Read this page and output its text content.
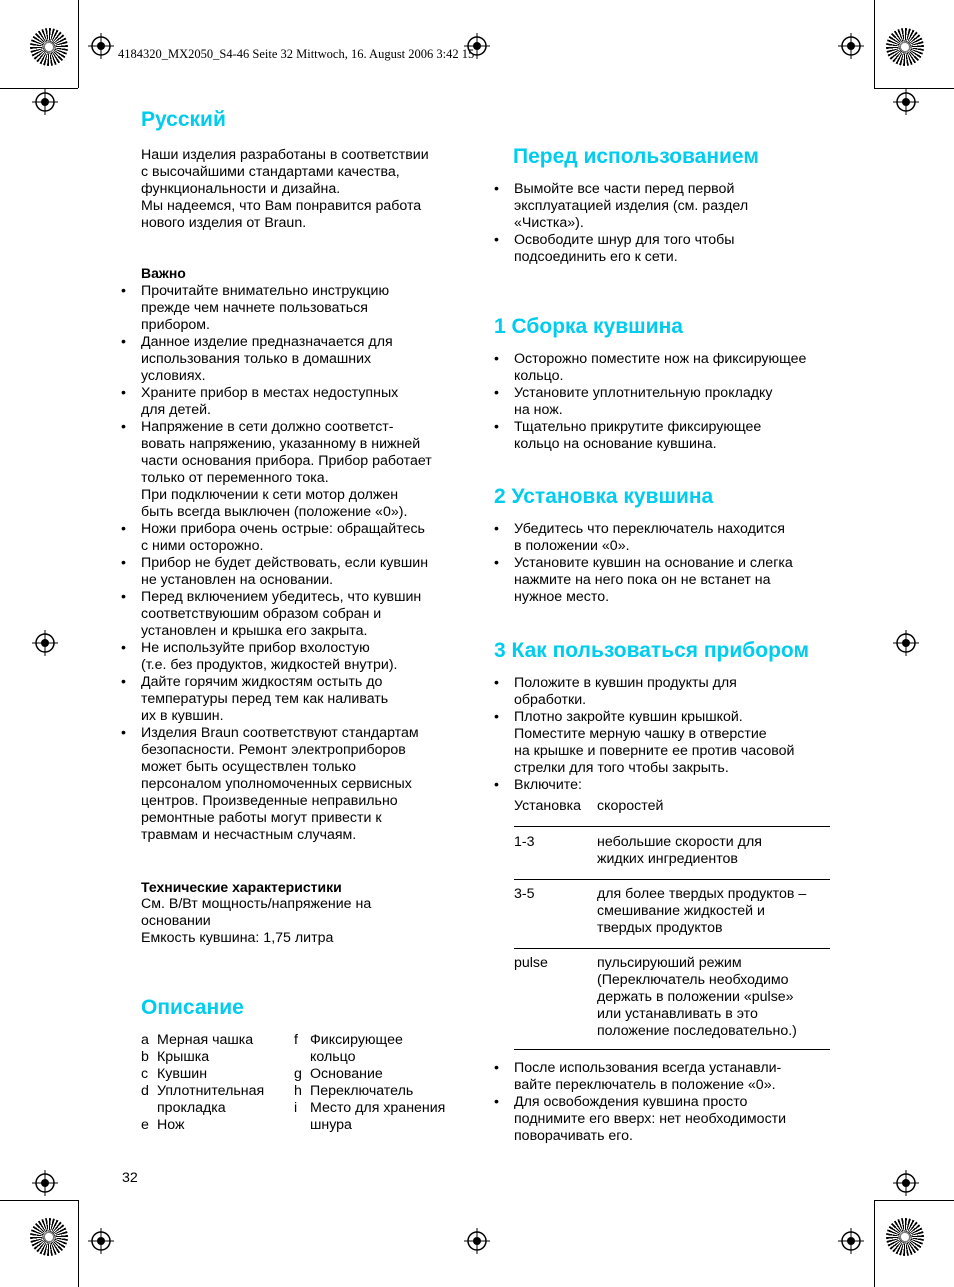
4184320_MX2050_S4-46 Seite 32 Mittwoch, 16. August 2006 3:42 15
Русский

Наши изделия разработаны в соответствии
с высочайшими стандартами качества,
функциональности и дизайна.
Мы надеемся, что Вам понравится работа
нового изделия от Braun.

Важно
• Прочитайте внимательно инструкцию
прежде чем начнете пользоваться
прибором.
• Данное изделие предназначается для
использования только в домашних
условиях.
• Храните прибор в местах недоступных
для детей.
• Напряжение в сети должно соответст-
вовать напряжению, указанному в нижней
части основания прибора. Прибор работает
только от переменного тока.
При подключении к сети мотор должен
быть всегда выключен (положение «0»).
• Ножи прибора очень острые: обращайтесь
с ними осторожно.
• Прибор не будет действовать, если кувшин
не установлен на основании.
• Перед включением убедитесь, что кувшин
соответствуюшим образом собран и
установлен и крышка его закрыта.
• Не используйте прибор вхолостую
(т.е. без продуктов, жидкостей внутри).
• Дайте горячим жидкостям остыть до
температуры перед тем как наливать
их в кувшин.
• Изделия Braun соответствуют стандартам
безопасности. Ремонт электроприборов
может быть осуществлен только
персоналом уполномоченных сервисных
центров. Произведенные неправильно
ремонтные работы могут привести к
травмам и несчастным случаям.
Технические характеристики

См. В/Вт мощность/напряжение на
основании
Емкость кувшина: 1,75 литра

Описание
a Мерная чашка
b Крышка
c Кувшин
d Уплотнительная
прокладка
e Нож
f Фиксирующее
кольцо
g Основание
h Переключатель
i Место для хранения
шнура
32
Перед использованием
• Вымойте все части перед первой
эксплуатацией изделия (см. раздел
«Чистка»).
• Освободите шнур для того чтобы
подсоединить его к сети.
1 Сборка кувшина
• Осторожно поместите нож на фиксирующее
кольцо.
• Установите уплотнительную прокладку
на нож.
• Тщательно прикрутите фиксирующее
кольцо на основание кувшина.
2 Установка кувшина
• Убедитесь что переключатель находится
в положении «0».
• Установите кувшин на основание и слегка
нажмите на него пока он не встанет на
нужное место.
3 Как пользоваться прибором
• Положите в кувшин продукты для
обработки.
• Плотно закройте кувшин крышкой.
Поместите мерную чашку в отверстие
на крышке и поверните ее против часовой
стрелки для того чтобы закрыть.
• Включите:
Установка	скоростей
1-3	небольшие скорости для
жидких ингредиентов
3-5	для более твердых продуктов –
смешивание жидкостей и
твердых продуктов
pulse	пульсируюший режим
(Переключатель необходимо
держать в положении «pulse»
или устанавливать в это
положение последовательно.)
• После использования всегда устанавли-
вайте переключатель в положение «0».
• Для освобождения кувшина просто
поднимите его вверх: нет необходимости
поворачивать его.
